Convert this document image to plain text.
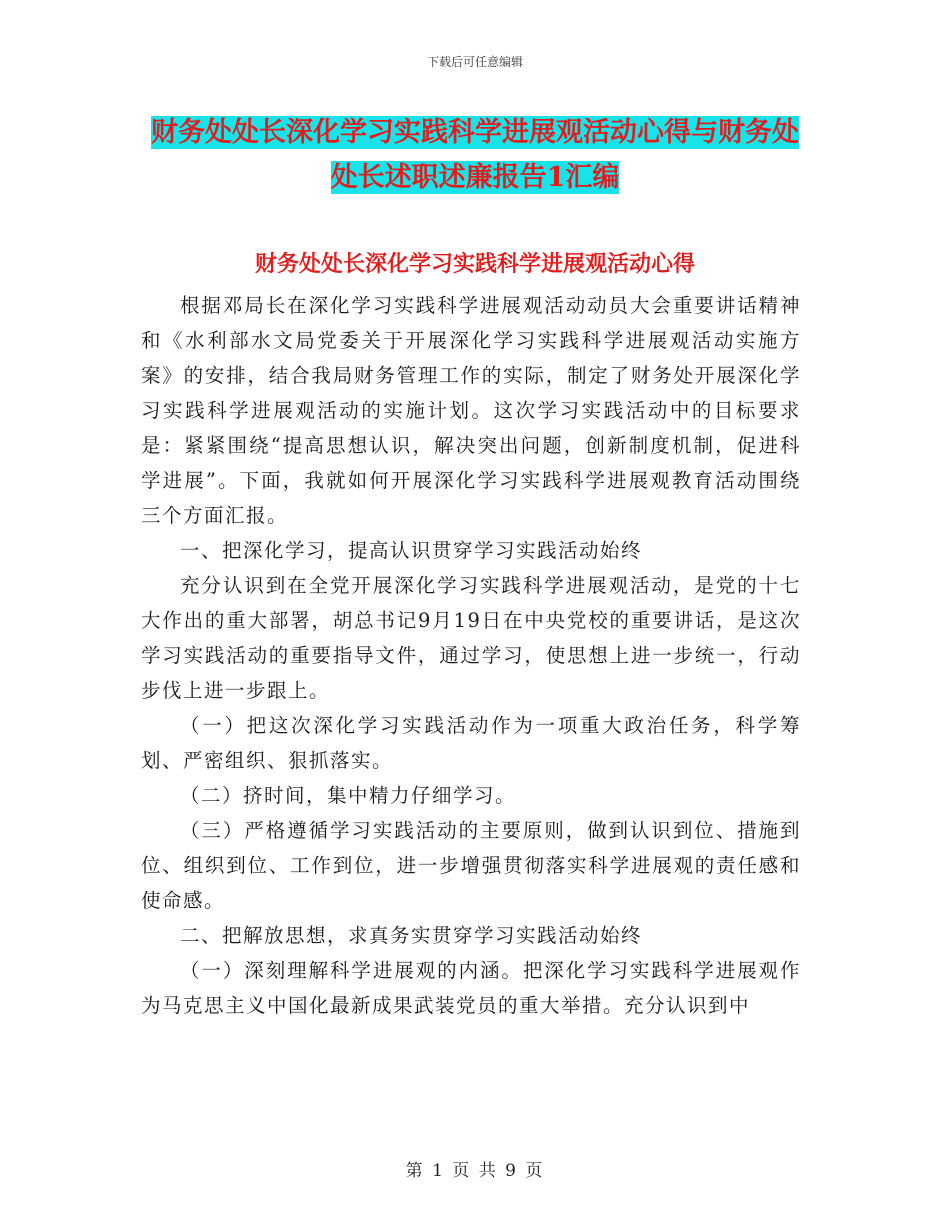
下载后可任意编辑
财务处处长深化学习实践科学进展观活动心得与财务处处长述职述廉报告1汇编
财务处处长深化学习实践科学进展观活动心得

根据邓局长在深化学习实践科学进展观活动动员大会重要讲话精神和《水利部水文局党委关于开展深化学习实践科学进展观活动实施方案》的安排，结合我局财务管理工作的实际，制定了财务处开展深化学习实践科学进展观活动的实施计划。这次学习实践活动中的目标要求是：紧紧围绕“提高思想认识，解决突出问题，创新制度机制，促进科学进展”。下面，我就如何开展深化学习实践科学进展观教育活动围绕三个方面汇报。

一、把深化学习，提高认识贯穿学习实践活动始终

充分认识到在全党开展深化学习实践科学进展观活动，是党的十七大作出的重大部署，胡总书记9月19日在中央党校的重要讲话，是这次学习实践活动的重要指导文件，通过学习，使思想上进一步统一，行动步伐上进一步跟上。

（一）把这次深化学习实践活动作为一项重大政治任务，科学筹划、严密组织、狠抓落实。

（二）挤时间，集中精力仔细学习。

（三）严格遵循学习实践活动的主要原则，做到认识到位、措施到位、组织到位、工作到位，进一步增强贯彻落实科学进展观的责任感和使命感。

二、把解放思想，求真务实贯穿学习实践活动始终

（一）深刻理解科学进展观的内涵。把深化学习实践科学进展观作为马克思主义中国化最新成果武装党员的重大举措。充分认识到中

第 1 页 共 9 页
